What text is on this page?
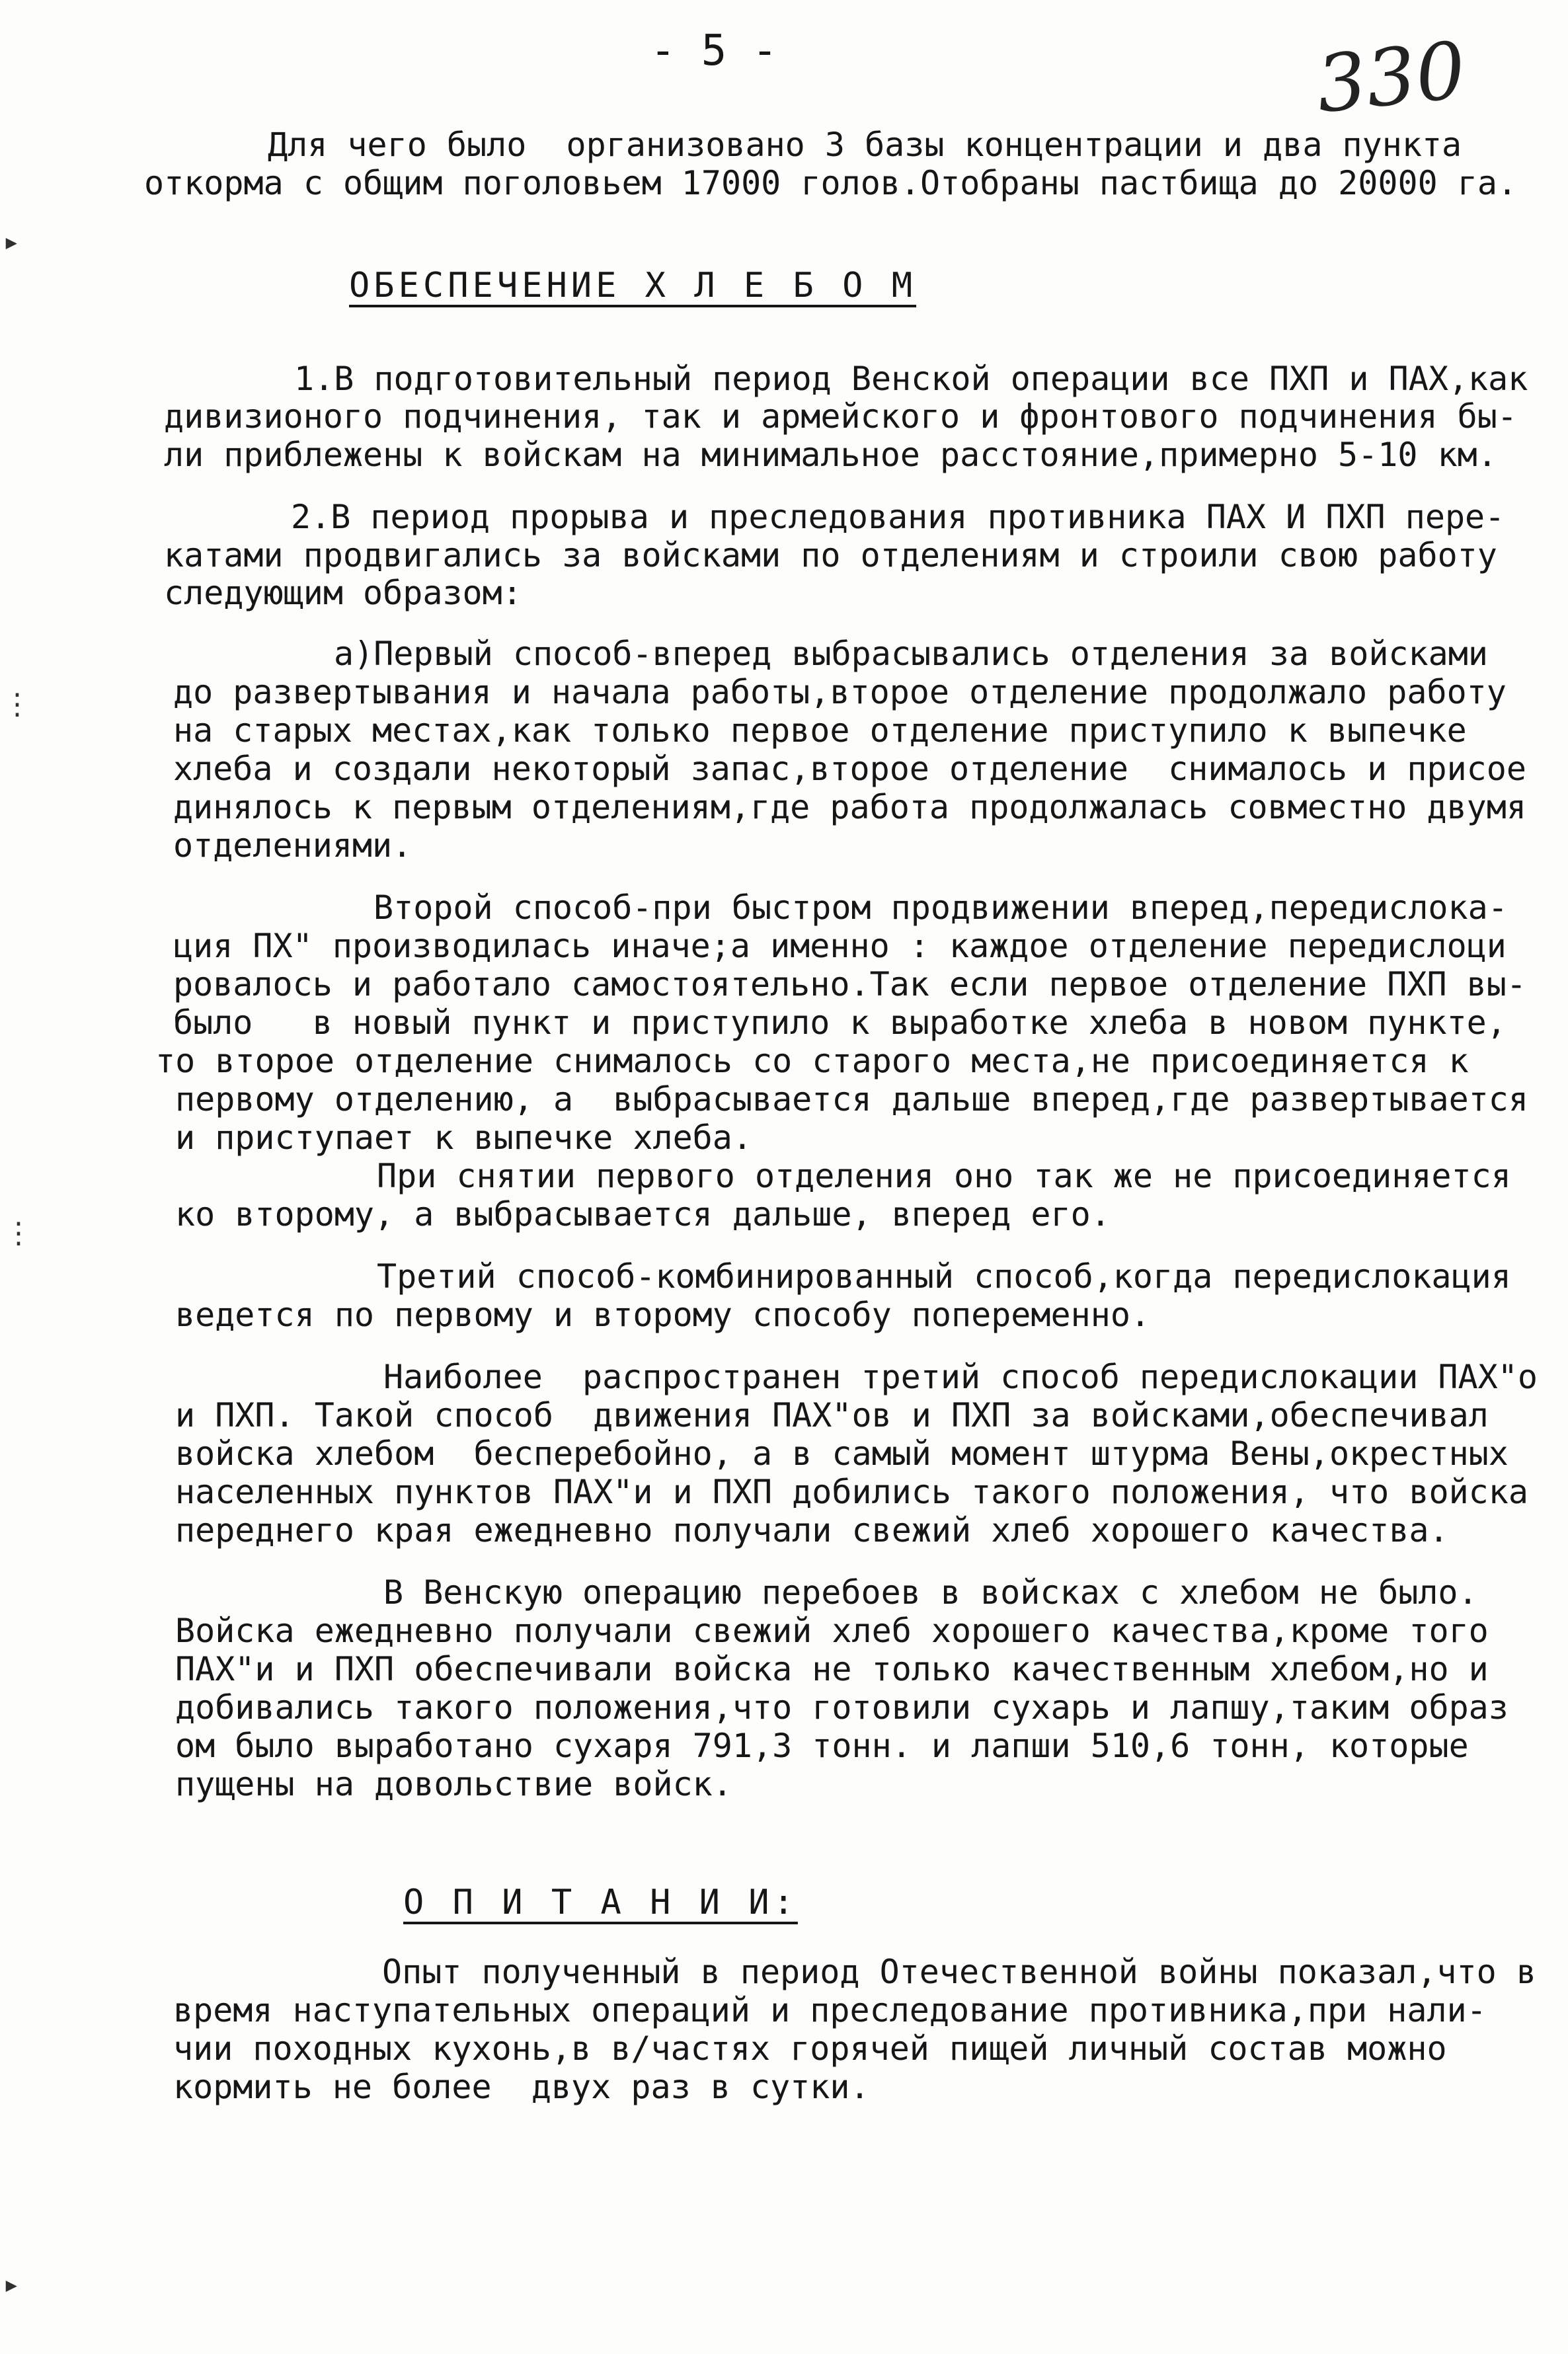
- 5 -	330
Для чего было  организовано 3 базы концентрации и два пункта
откорма с общим поголовьем 17000 голов.Отобраны пастбища до 20000 га.
ОБЕСПЕЧЕНИЕ Х Л Е Б О М
1.В подготовительный период Венской операции все ПХП и ПАХ,как
дивизионого подчинения, так и армейского и фронтового подчинения бы-
ли приблежены к войскам на минимальное расстояние,примерно 5-10 км.
2.В период прорыва и преследования противника ПАХ И ПХП пере-
катами продвигались за войсками по отделениям и строили свою работу
следующим образом:
а)Первый способ-вперед выбрасывались отделения за войсками
до развертывания и начала работы,второе отделение продолжало работу
на старых местах,как только первое отделение приступило к выпечке
хлеба и создали некоторый запас,второе отделение  снималось и присое
динялось к первым отделениям,где работа продолжалась совместно двумя
отделениями.
Второй способ-при быстром продвижении вперед,передислока-
ция ПХ" производилась иначе;а именно : каждое отделение передислоци
ровалось и работало самостоятельно.Так если первое отделение ПХП вы-
было   в новый пункт и приступило к выработке хлеба в новом пункте,
то второе отделение снималось со старого места,не присоединяется к
первому отделению, а  выбрасывается дальше вперед,где развертывается
и приступает к выпечке хлеба.
При снятии первого отделения оно так же не присоединяется
ко второму, а выбрасывается дальше, вперед его.
Третий способ-комбинированный способ,когда передислокация
ведется по первому и второму способу попеременно.
Наиболее  распространен третий способ передислокации ПАХ"о
и ПХП. Такой способ  движения ПАХ"ов и ПХП за войсками,обеспечивал
войска хлебом  бесперебойно, а в самый момент штурма Вены,окрестных
населенных пунктов ПАХ"и и ПХП добились такого положения, что войска
переднего края ежедневно получали свежий хлеб хорошего качества.
В Венскую операцию перебоев в войсках с хлебом не было.
Войска ежедневно получали свежий хлеб хорошего качества,кроме того
ПАХ"и и ПХП обеспечивали войска не только качественным хлебом,но и
добивались такого положения,что готовили сухарь и лапшу,таким образ
ом было выработано сухаря 791,3 тонн. и лапши 510,6 тонн, которые
пущены на довольствие войск.
О П И Т А Н И И:
Опыт полученный в период Отечественной войны показал,что в
время наступательных операций и преследование противника,при нали-
чии походных кухонь,в в/частях горячей пищей личный состав можно
кормить не более  двух раз в сутки.
▸
⋮
⋮
▸
